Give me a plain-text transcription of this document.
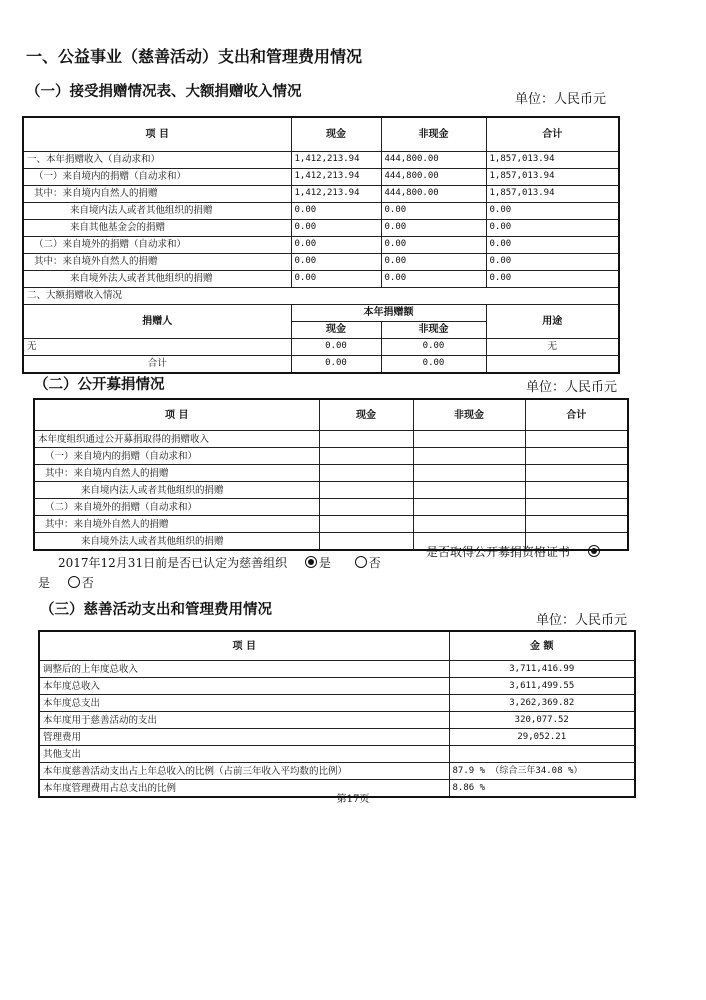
一、公益事业（慈善活动）支出和管理费用情况
（一）接受捐赠情况表、大额捐赠收入情况	单位：人民币元
项 目	现金	非现金	合计
一、本年捐赠收入（自动求和）	1,412,213.94	444,800.00	1,857,013.94
（一）来自境内的捐赠（自动求和）	1,412,213.94	444,800.00	1,857,013.94
其中：来自境内自然人的捐赠	1,412,213.94	444,800.00	1,857,013.94
来自境内法人或者其他组织的捐赠	0.00	0.00	0.00
来自其他基金会的捐赠	0.00	0.00	0.00
（二）来自境外的捐赠（自动求和）	0.00	0.00	0.00
其中：来自境外自然人的捐赠	0.00	0.00	0.00
来自境外法人或者其他组织的捐赠	0.00	0.00	0.00
二、大额捐赠收入情况			
捐赠人	本年捐赠额		用途
	现金	非现金	
无	0.00	0.00	无
合计	0.00	0.00	
（二）公开募捐情况	单位：人民币元
项 目	现金	非现金	合计
本年度组织通过公开募捐取得的捐赠收入			
（一）来自境内的捐赠（自动求和）			
其中：来自境内自然人的捐赠			
来自境内法人或者其他组织的捐赠			
（二）来自境外的捐赠（自动求和）			
其中：来自境外自然人的捐赠			
来自境外法人或者其他组织的捐赠			
2017年12月31日前是否已认定为慈善组织	是	否
是否取得公开募捐资格证书
是	否
（三）慈善活动支出和管理费用情况
单位：人民币元
项 目	金 额
调整后的上年度总收入	3,711,416.99
本年度总收入	3,611,499.55
本年度总支出	3,262,369.82
本年度用于慈善活动的支出	320,077.52
管理费用	29,052.21
其他支出	
本年度慈善活动支出占上年总收入的比例（占前三年收入平均数的比例）	87.9 % （综合三年34.08 %）
本年度管理费用占总支出的比例	8.86 %
第17页
